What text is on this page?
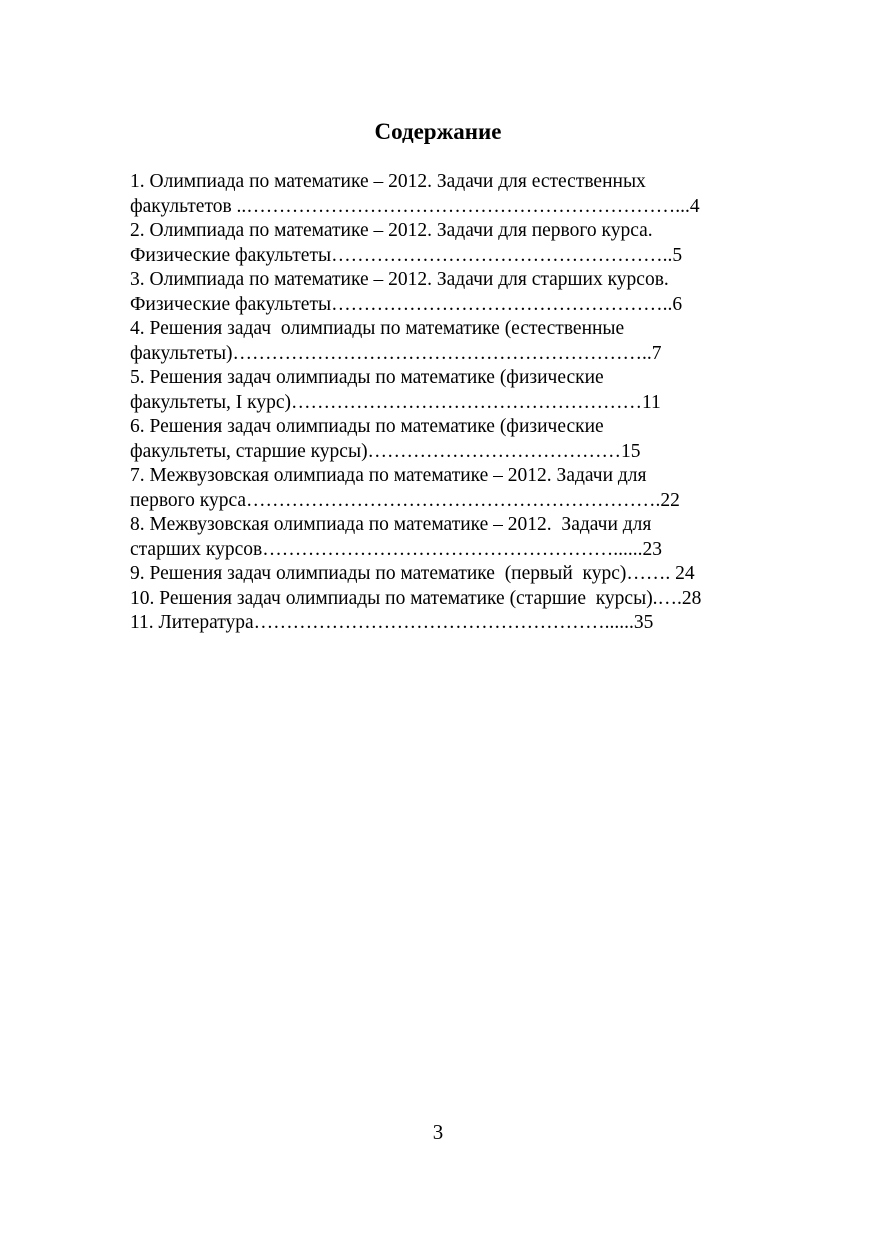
Содержание
1. Олимпиада по математике – 2012. Задачи для естественных
факультетов ..…………………………………………………………...4
2. Олимпиада по математике – 2012. Задачи для первого курса.
Физические факультеты……………………………………………..5
3. Олимпиада по математике – 2012. Задачи для старших курсов.
Физические факультеты……………………………………………..6
4. Решения задач  олимпиады по математике (естественные
факультеты)………………………………………………………..7
5. Решения задач олимпиады по математике (физические
факультеты, I курс)………………………………………………11
6. Решения задач олимпиады по математике (физические
факультеты, старшие курсы)…………………………………15
7. Межвузовская олимпиада по математике – 2012. Задачи для
первого курса……………………………………………………….22
8. Межвузовская олимпиада по математике – 2012.  Задачи для
старших курсов………………………………………………......23
9. Решения задач олимпиады по математике  (первый  курс)……. 24
10. Решения задач олимпиады по математике (старшие  курсы).….28
11. Литература………………………………………………......35
3
